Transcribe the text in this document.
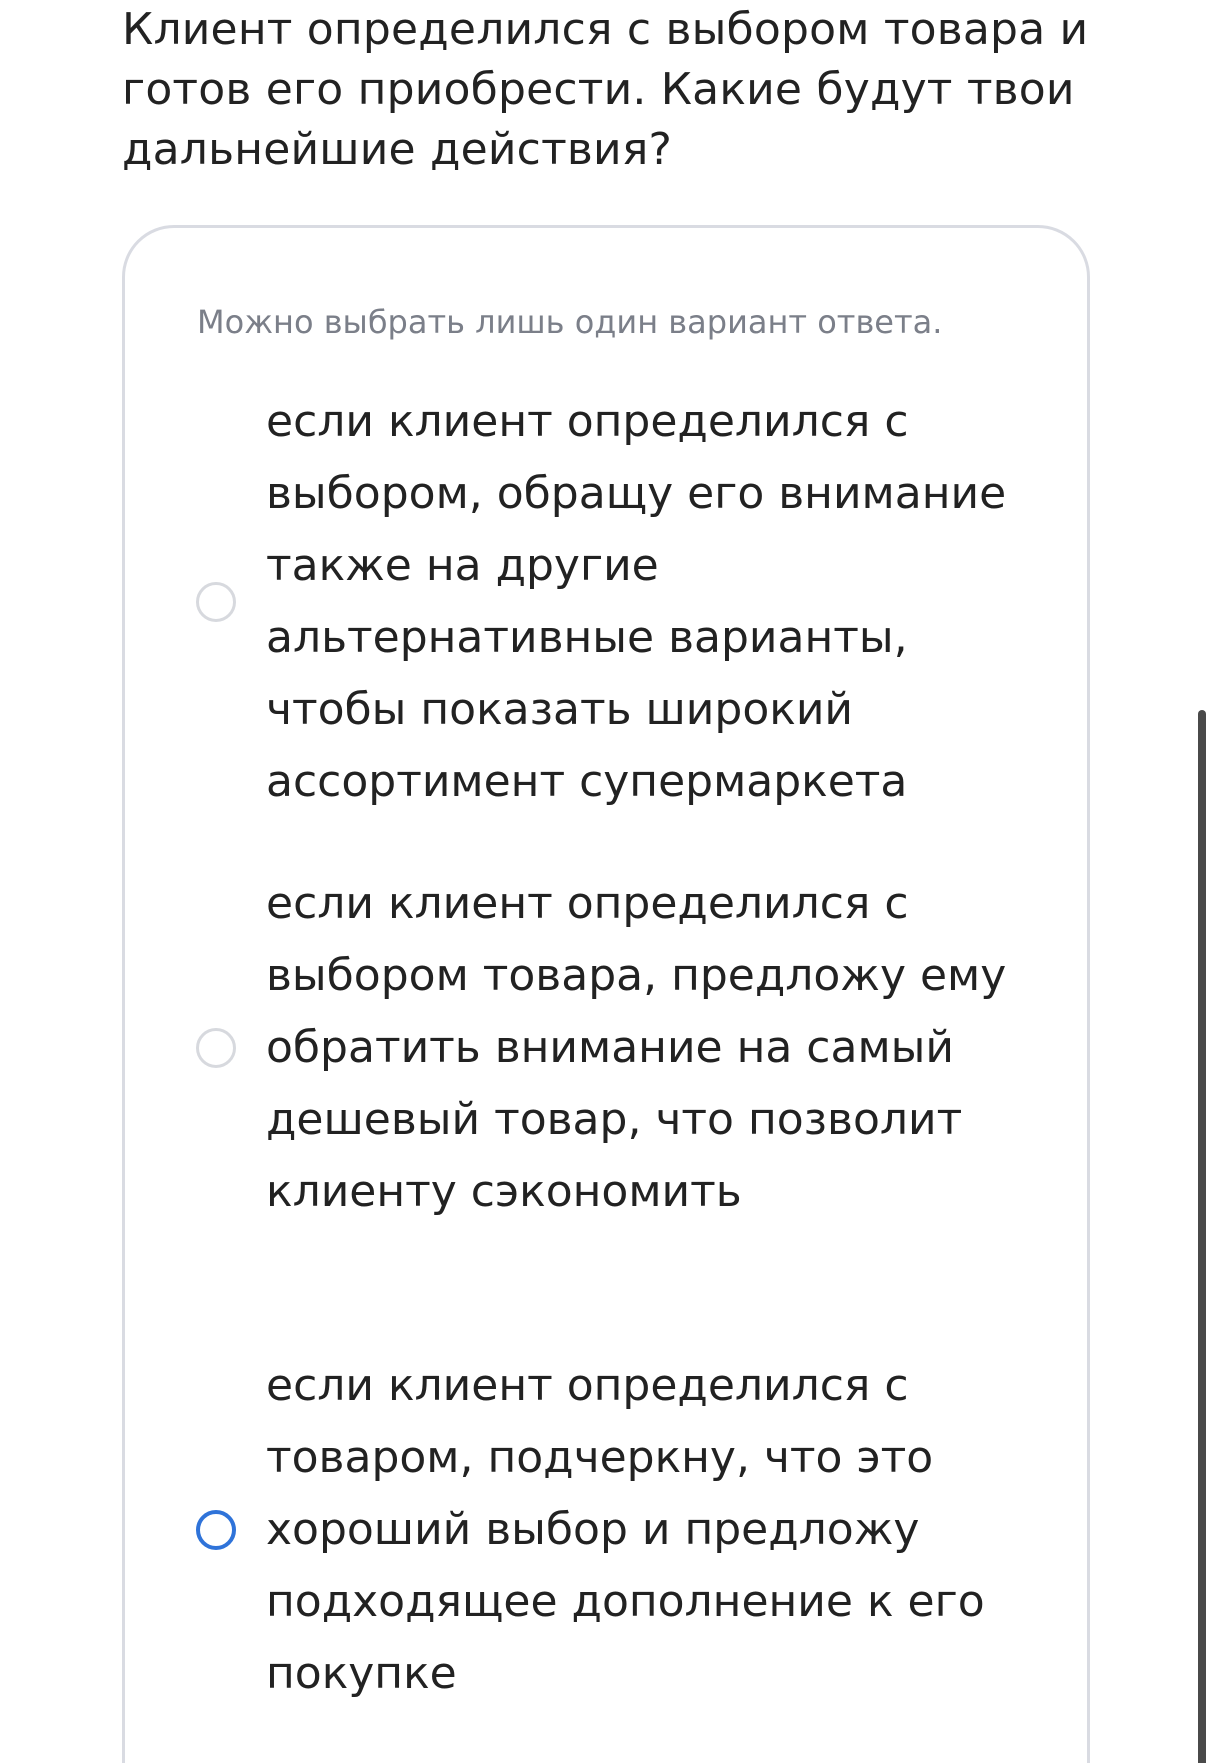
Клиент определился с выбором товара и готов его приобрести. Какие будут твои дальнейшие действия?
Можно выбрать лишь один вариант ответа.
если клиент определился с выбором, обращу его внимание также на другие альтернативные варианты, чтобы показать широкий ассортимент супермаркета
если клиент определился с выбором товара, предложу ему обратить внимание на самый дешевый товар, что позволит клиенту сэкономить
если клиент определился с товаром, подчеркну, что это хороший выбор и предложу подходящее дополнение к его покупке
